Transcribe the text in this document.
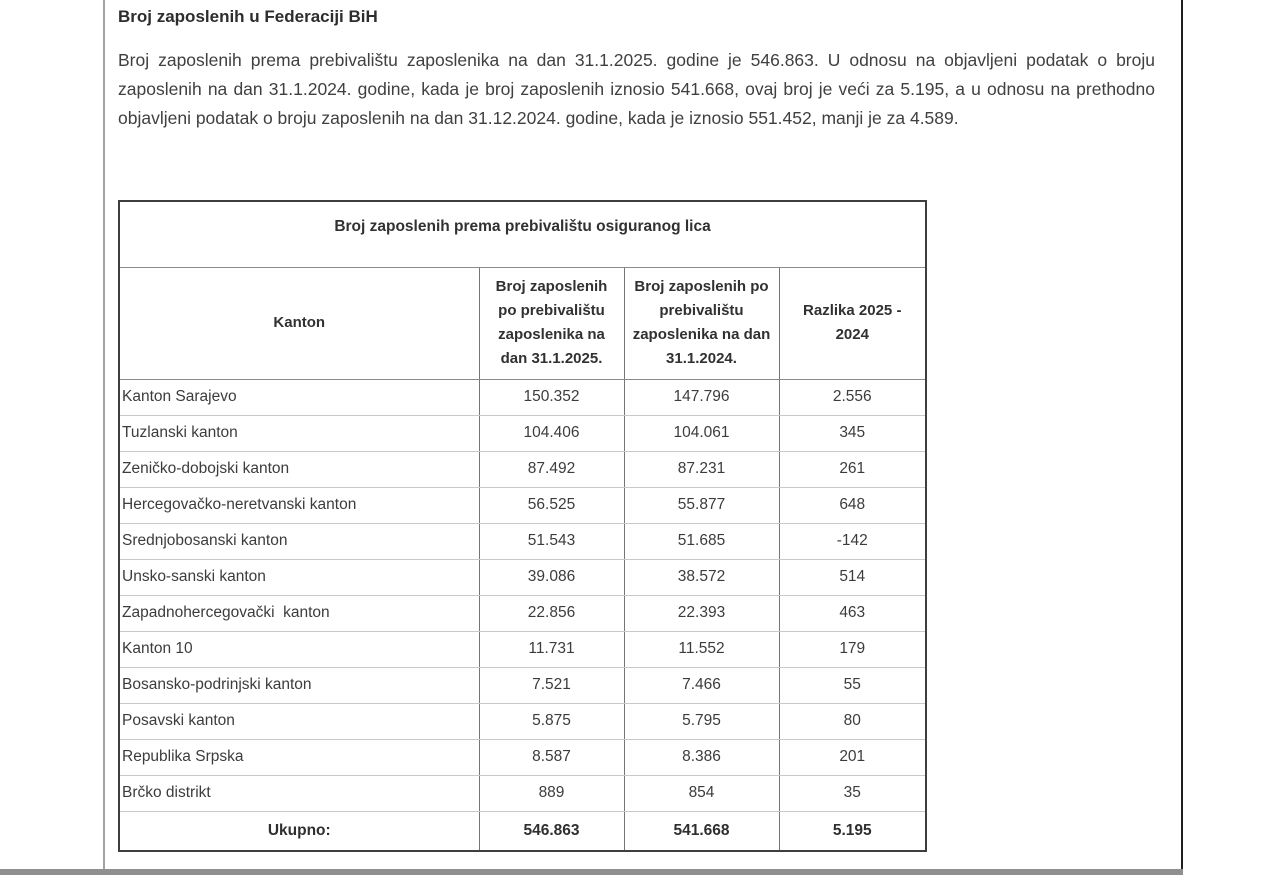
Broj zaposlenih u Federaciji BiH

Broj zaposlenih prema prebivalištu zaposlenika na dan 31.1.2025. godine je 546.863. U odnosu na objavljeni podatak o broju zaposlenih na dan 31.1.2024. godine, kada je broj zaposlenih iznosio 541.668, ovaj broj je veći za 5.195, a u odnosu na prethodno objavljeni podatak o broju zaposlenih na dan 31.12.2024. godine, kada je iznosio 551.452, manji je za 4.589.

Broj zaposlenih prema prebivalištu osiguranog lica			
Kanton	Broj zaposlenih po prebivalištu zaposlenika na dan 31.1.2025.	Broj zaposlenih po prebivalištu zaposlenika na dan 31.1.2024.	Razlika 2025 - 2024
Kanton Sarajevo	150.352	147.796	2.556
Tuzlanski kanton	104.406	104.061	345
Zeničko-dobojski kanton	87.492	87.231	261
Hercegovačko-neretvanski kanton	56.525	55.877	648
Srednjobosanski kanton	51.543	51.685	-142
Unsko-sanski kanton	39.086	38.572	514
Zapadnohercegovački  kanton	22.856	22.393	463
Kanton 10	11.731	11.552	179
Bosansko-podrinjski kanton	7.521	7.466	55
Posavski kanton	5.875	5.795	80
Republika Srpska	8.587	8.386	201
Brčko distrikt	889	854	35
Ukupno:	546.863	541.668	5.195
